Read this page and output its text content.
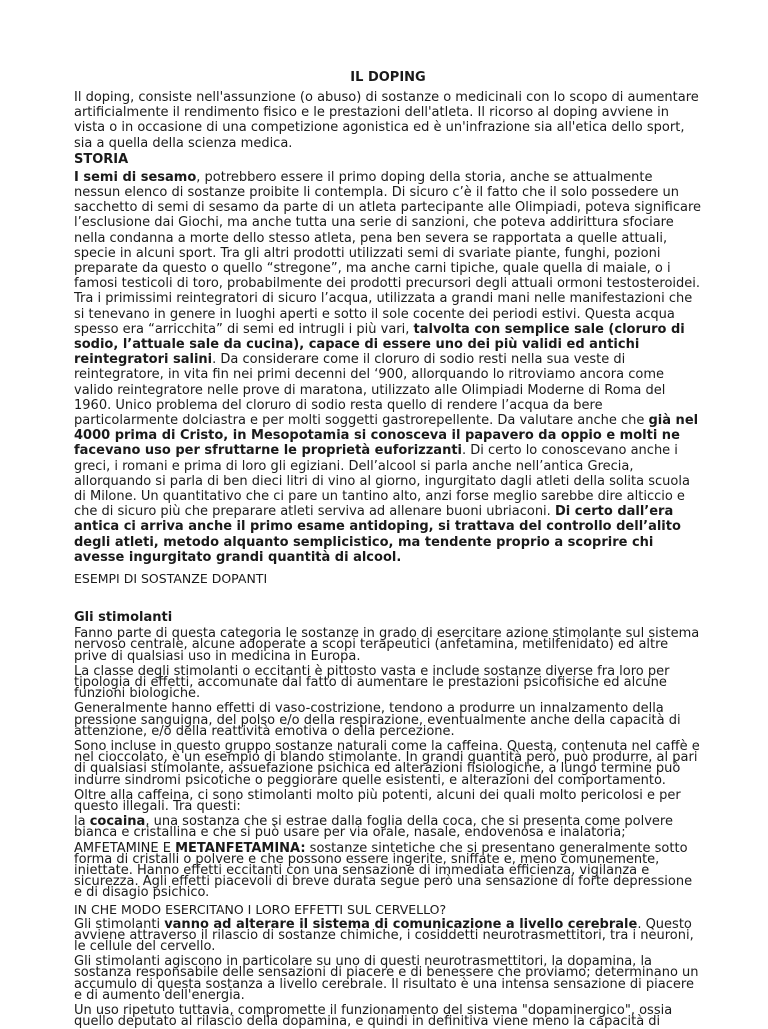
IL DOPING

Il doping, consiste nell'assunzione (o abuso) di sostanze o medicinali con lo scopo di aumentare artificialmente il rendimento fisico e le prestazioni dell'atleta. Il ricorso al doping avviene in vista o in occasione di una competizione agonistica ed è un'infrazione sia all'etica dello sport, sia a quella della scienza medica.

STORIA

I semi di sesamo, potrebbero essere il primo doping della storia, anche se attualmente nessun elenco di sostanze proibite li contempla. Di sicuro c’è il fatto che il solo possedere un sacchetto di semi di sesamo da parte di un atleta partecipante alle Olimpiadi, poteva significare l’esclusione dai Giochi, ma anche tutta una serie di sanzioni, che poteva addirittura sfociare nella condanna a morte dello stesso atleta, pena ben severa se rapportata a quelle attuali, specie in alcuni sport. Tra gli altri prodotti utilizzati semi di svariate piante, funghi, pozioni preparate da questo o quello “stregone”, ma anche carni tipiche, quale quella di maiale, o i famosi testicoli di toro, probabilmente dei prodotti precursori degli attuali ormoni testosteroidei. Tra i primissimi reintegratori di sicuro l’acqua, utilizzata a grandi mani nelle manifestazioni che si tenevano in genere in luoghi aperti e sotto il sole cocente dei periodi estivi. Questa acqua spesso era “arricchita” di semi ed intrugli i più vari, talvolta con semplice sale (cloruro di sodio, l’attuale sale da cucina), capace di essere uno dei più validi ed antichi reintegratori salini. Da considerare come il cloruro di sodio resti nella sua veste di reintegratore, in vita fin nei primi decenni del ‘900, allorquando lo ritroviamo ancora come valido reintegratore nelle prove di maratona, utilizzato alle Olimpiadi Moderne di Roma del 1960. Unico problema del cloruro di sodio resta quello di rendere l’acqua da bere particolarmente dolciastra e per molti soggetti gastrorepellente. Da valutare anche che già nel 4000 prima di Cristo, in Mesopotamia si conosceva il papavero da oppio e molti ne facevano uso per sfruttarne le proprietà euforizzanti. Di certo lo conoscevano anche i greci, i romani e prima di loro gli egiziani. Dell’alcool si parla anche nell’antica Grecia, allorquando si parla di ben dieci litri di vino al giorno, ingurgitato dagli atleti della solita scuola di Milone. Un quantitativo che ci pare un tantino alto, anzi forse meglio sarebbe dire alticcio e che di sicuro più che preparare atleti serviva ad allenare buoni ubriaconi. Di certo dall’era antica ci arriva anche il primo esame antidoping, si trattava del controllo dell’alito degli atleti, metodo alquanto semplicistico, ma tendente proprio a scoprire chi avesse ingurgitato grandi quantità di alcool.

ESEMPI DI SOSTANZE DOPANTI
Gli stimolanti

Fanno parte di questa categoria le sostanze in grado di esercitare azione stimolante sul sistema nervoso centrale, alcune adoperate a scopi terapeutici (anfetamina, metilfenidato) ed altre prive di qualsiasi uso in medicina in Europa.

La classe degli stimolanti o eccitanti è pittosto vasta e include sostanze diverse fra loro per tipologia di effetti, accomunate dal fatto di aumentare le prestazioni psicofisiche ed alcune funzioni biologiche.

Generalmente hanno effetti di vaso-costrizione, tendono a produrre un innalzamento della pressione sanguigna, del polso e/o della respirazione, eventualmente anche della capacità di attenzione, e/o della reattività emotiva o della percezione.

Sono incluse in questo gruppo sostanze naturali come la caffeina. Questa, contenuta nel caffè e nel cioccolato, è un esempio di blando stimolante. In grandi quantità però, può produrre, al pari di qualsiasi stimolante, assuefazione psichica ed alterazioni fisiologiche, a lungo termine può indurre sindromi psicotiche o peggiorare quelle esistenti, e alterazioni del comportamento.

Oltre alla caffeina, ci sono stimolanti molto più potenti, alcuni dei quali molto pericolosi e per questo illegali. Tra questi:

la cocaina, una sostanza che si estrae dalla foglia della coca, che si presenta come polvere bianca e cristallina e che si può usare per via orale, nasale, endovenosa e inalatoria;

AMFETAMINE E METANFETAMINA: sostanze sintetiche che si presentano generalmente sotto forma di cristalli o polvere e che possono essere ingerite, sniffate e, meno comunemente, iniettate. Hanno effetti eccitanti con una sensazione di immediata efficienza, vigilanza e sicurezza. Agli effetti piacevoli di breve durata segue però una sensazione di forte depressione e di disagio psichico.

IN CHE MODO ESERCITANO I LORO EFFETTI SUL CERVELLO?

Gli stimolanti vanno ad alterare il sistema di comunicazione a livello cerebrale. Questo avviene attraverso il rilascio di sostanze chimiche, i cosiddetti neurotrasmettitori, tra i neuroni, le cellule del cervello.

Gli stimolanti agiscono in particolare su uno di questi neurotrasmettitori, la dopamina, la sostanza responsabile delle sensazioni di piacere e di benessere che proviamo; determinano un accumulo di questa sostanza a livello cerebrale. Il risultato è una intensa sensazione di piacere e di aumento dell'energia.

Un uso ripetuto tuttavia, compromette il funzionamento del sistema "dopaminergico", ossia quello deputato al rilascio della dopamina, e quindi in definitiva viene meno la capacità di
